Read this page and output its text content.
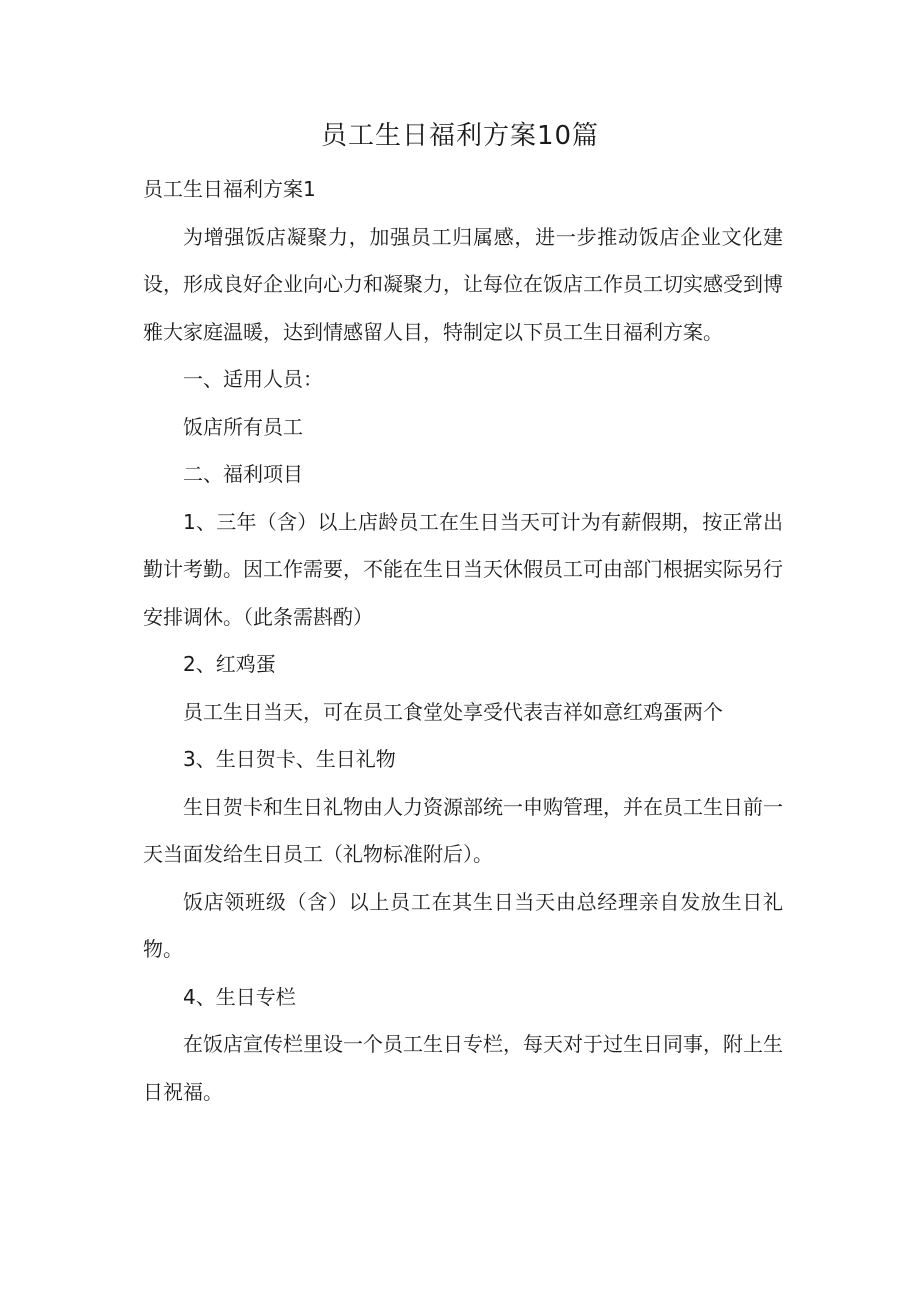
员工生日福利方案10篇

员工生日福利方案1

为增强饭店凝聚力，加强员工归属感，进一步推动饭店企业文化建设，形成良好企业向心力和凝聚力，让每位在饭店工作员工切实感受到博雅大家庭温暖，达到情感留人目，特制定以下员工生日福利方案。

一、适用人员：

饭店所有员工

二、福利项目

1、三年（含）以上店龄员工在生日当天可计为有薪假期，按正常出勤计考勤。因工作需要，不能在生日当天休假员工可由部门根据实际另行安排调休。（此条需斟酌）

2、红鸡蛋

员工生日当天，可在员工食堂处享受代表吉祥如意红鸡蛋两个

3、生日贺卡、生日礼物

生日贺卡和生日礼物由人力资源部统一申购管理，并在员工生日前一天当面发给生日员工（礼物标准附后）。

饭店领班级（含）以上员工在其生日当天由总经理亲自发放生日礼物。

4、生日专栏

在饭店宣传栏里设一个员工生日专栏，每天对于过生日同事，附上生日祝福。
